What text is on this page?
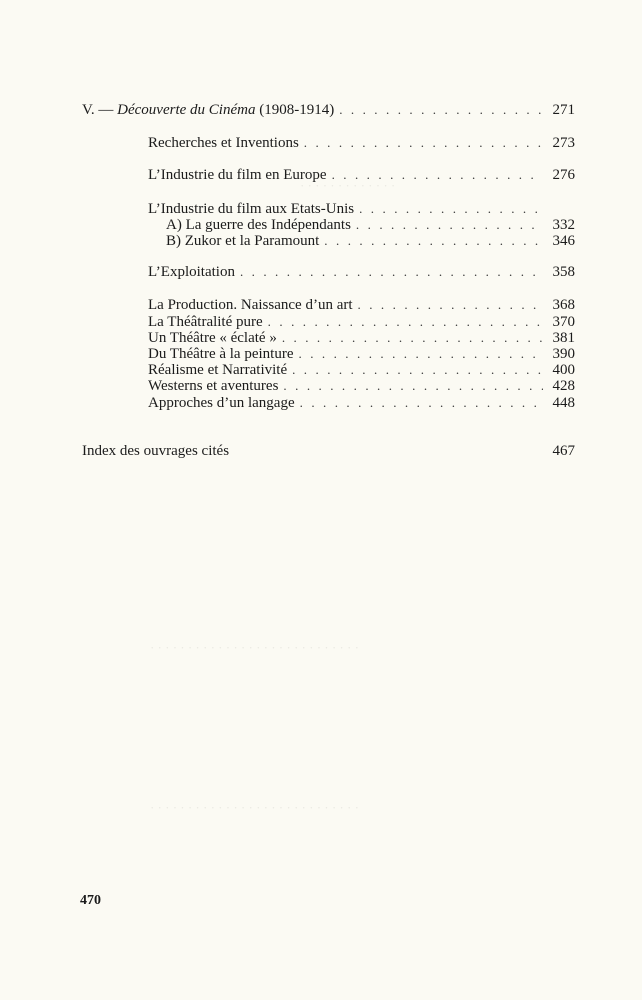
· · · · · · · · · · · · ·
· · · · · · · · · · · · · · · · · · · · · · · · · · · ·
· · · · · · · · · · · · · · · · · · · · · · · · · · · ·
V. — Découverte du Cinéma (1908-1914) . . .	271
Recherches et Inventions . . .	273
L’Industrie du film en Europe . . .	276
L’Industrie du film aux Etats-Unis
. . .
A) La guerre des Indépendants . . .	332
B) Zukor et la Paramount . . .	346
L’Exploitation . . .	358
La Production. Naissance d’un art . . .	368
La Théâtralité pure . . .	370
Un Théâtre « éclaté » . . .	381
Du Théâtre à la peinture . . .	390
Réalisme et Narrativité . . .	400
Westerns et aventures . . .	428
Approches d’un langage . . .	448
Index des ouvrages cités	467
470
